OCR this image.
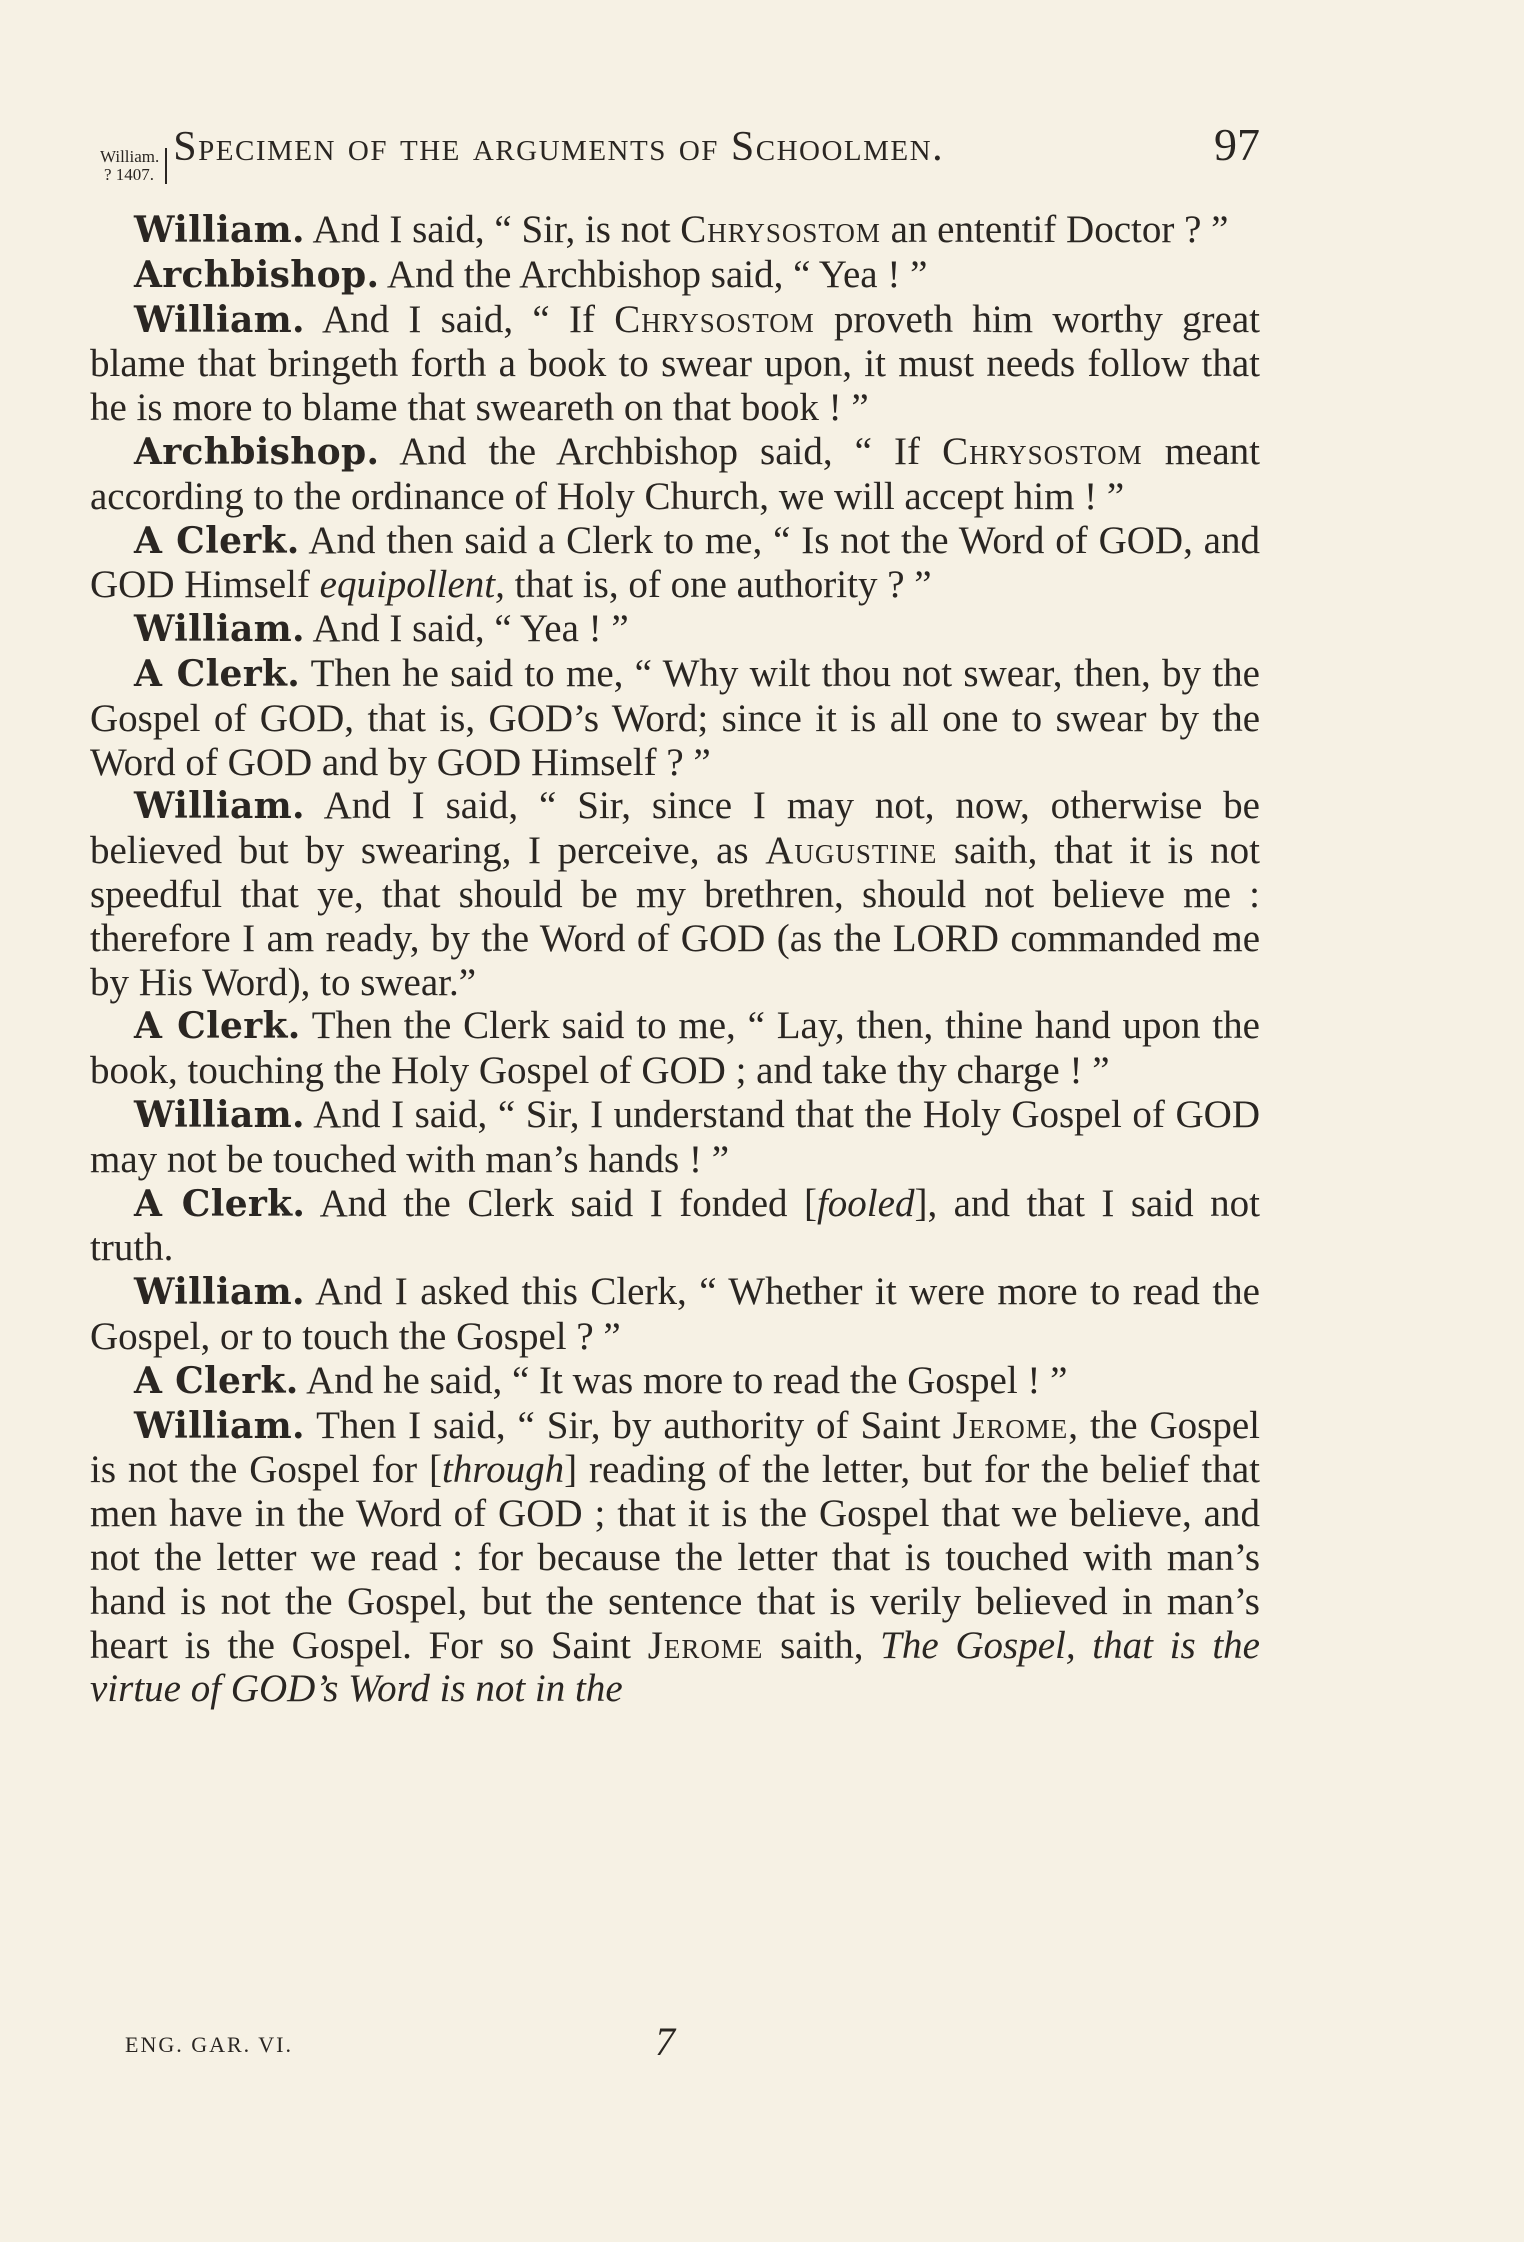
William.
? 1407.
Specimen of the arguments of Schoolmen.	97

William. And I said, “ Sir, is not Chrysostom an ententif Doctor ? ”

Archbishop. And the Archbishop said, “ Yea ! ”

William. And I said, “ If Chrysostom proveth him worthy great blame that bringeth forth a book to swear upon, it must needs follow that he is more to blame that sweareth on that book ! ”

Archbishop. And the Archbishop said, “ If Chrysostom meant according to the ordinance of Holy Church, we will accept him ! ”

A Clerk. And then said a Clerk to me, “ Is not the Word of GOD, and GOD Himself equipollent, that is, of one authority ? ”

William. And I said, “ Yea ! ”

A Clerk. Then he said to me, “ Why wilt thou not swear, then, by the Gospel of GOD, that is, GOD’s Word; since it is all one to swear by the Word of GOD and by GOD Himself ? ”

William. And I said, “ Sir, since I may not, now, otherwise be believed but by swearing, I perceive, as Augustine saith, that it is not speedful that ye, that should be my brethren, should not believe me : therefore I am ready, by the Word of GOD (as the LORD commanded me by His Word), to swear.”

A Clerk. Then the Clerk said to me, “ Lay, then, thine hand upon the book, touching the Holy Gospel of GOD ; and take thy charge ! ”

William. And I said, “ Sir, I understand that the Holy Gospel of GOD may not be touched with man’s hands ! ”

A Clerk. And the Clerk said I fonded [fooled], and that I said not truth.

William. And I asked this Clerk, “ Whether it were more to read the Gospel, or to touch the Gospel ? ”

A Clerk. And he said, “ It was more to read the Gospel ! ”

William. Then I said, “ Sir, by authority of Saint Jerome, the Gospel is not the Gospel for [through] reading of the letter, but for the belief that men have in the Word of GOD ; that it is the Gospel that we believe, and not the letter we read : for because the letter that is touched with man’s hand is not the Gospel, but the sentence that is verily believed in man’s heart is the Gospel. For so Saint Jerome saith, The Gospel, that is the virtue of GOD’s Word is not in the

ENG. GAR. VI.	7
